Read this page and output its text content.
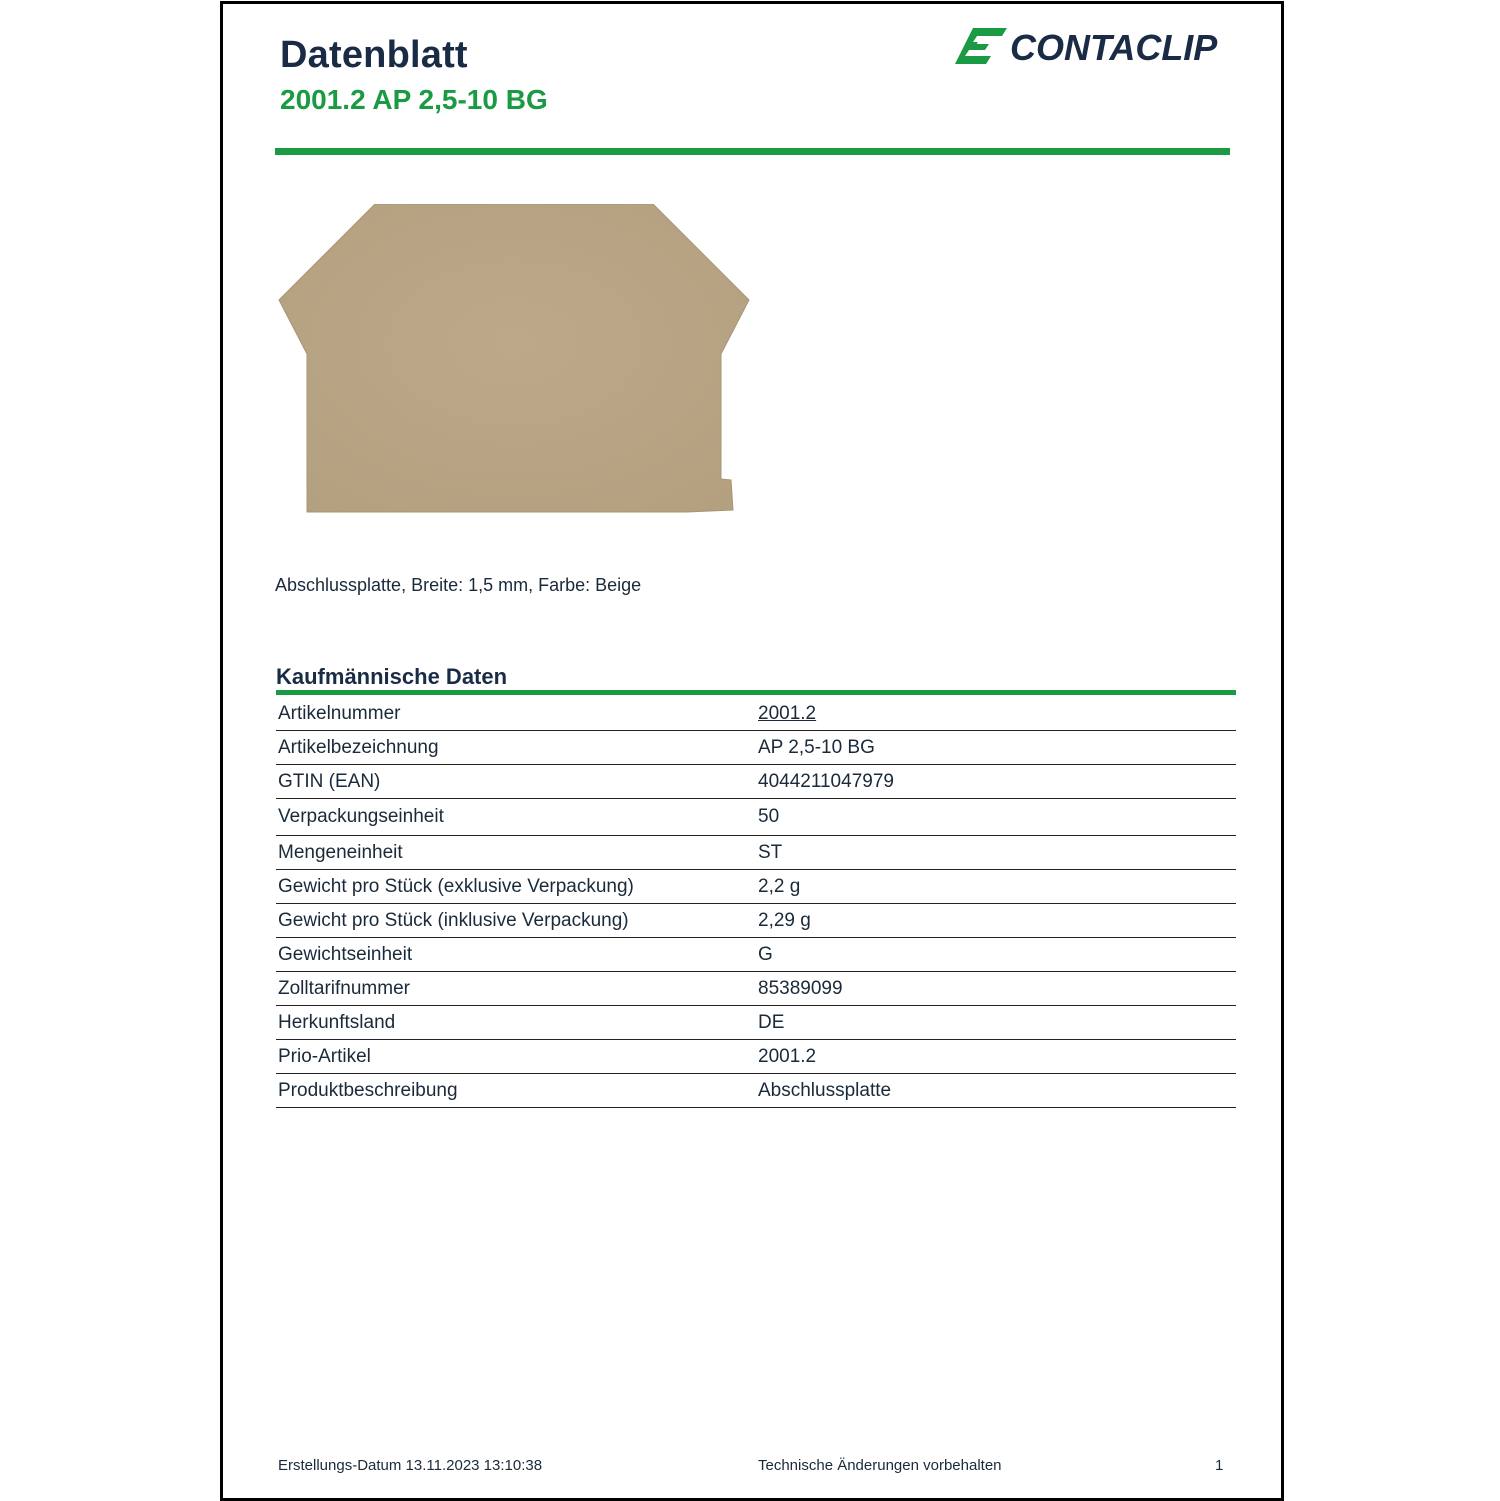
Datenblatt
2001.2 AP 2,5-10 BG
CONTACLIP
Abschlussplatte, Breite: 1,5 mm, Farbe: Beige
Kaufmännische Daten
Artikelnummer	2001.2
Artikelbezeichnung	AP 2,5-10 BG
GTIN (EAN)	4044211047979
Verpackungseinheit	50
Mengeneinheit	ST
Gewicht pro Stück (exklusive Verpackung)	2,2 g
Gewicht pro Stück (inklusive Verpackung)	2,29 g
Gewichtseinheit	G
Zolltarifnummer	85389099
Herkunftsland	DE
Prio-Artikel	2001.2
Produktbeschreibung	Abschlussplatte
Erstellungs-Datum 13.11.2023 13:10:38	Technische Änderungen vorbehalten	1
